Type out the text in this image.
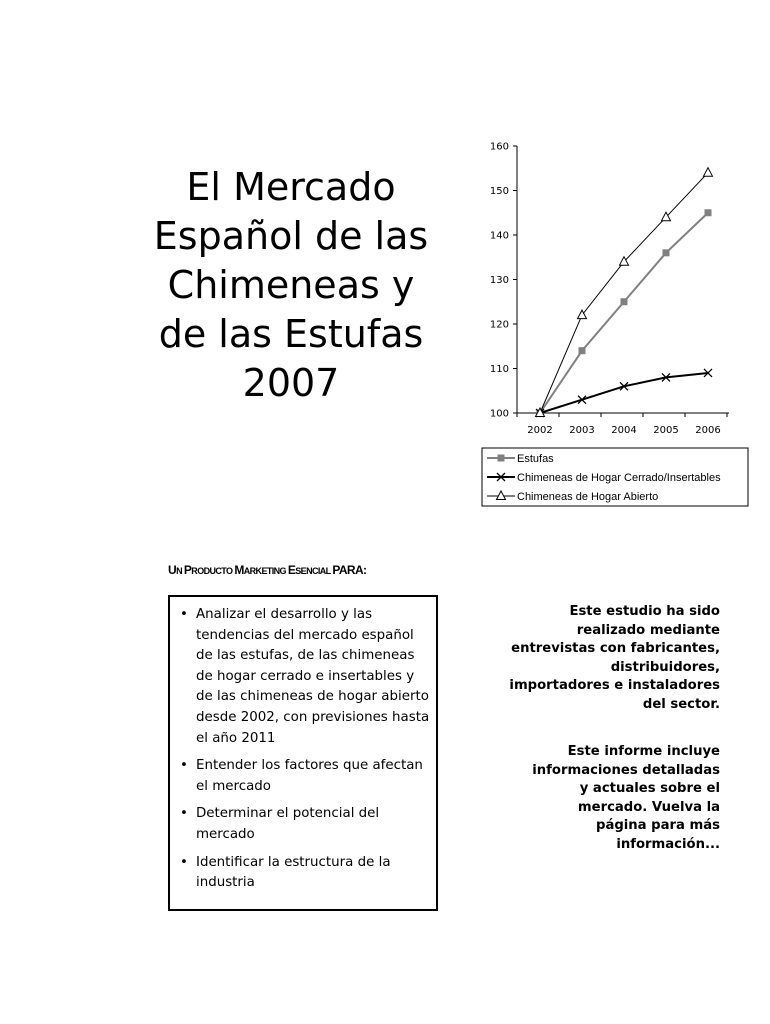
El Mercado
Español de las
Chimeneas y
de las Estufas
2007
100
110
120
130
140
150
160
2002 2003 2004 2005 2006
Estufas
Chimeneas de Hogar Cerrado/Insertables
Chimeneas de Hogar Abierto
UN PRODUCTO MARKETING ESENCIAL PARA:
• Analizar el desarrollo y las tendencias del mercado español de las estufas, de las chimeneas de hogar cerrado e insertables y de las chimeneas de hogar abierto desde 2002, con previsiones hasta el año 2011
• Entender los factores que afectan el mercado
• Determinar el potencial del mercado
• Identificar la estructura de la industria
Este estudio ha sido
realizado mediante
entrevistas con fabricantes,
distribuidores,
importadores e instaladores
del sector.
Este informe incluye
informaciones detalladas
y actuales sobre el
mercado. Vuelva la
página para más
información...
